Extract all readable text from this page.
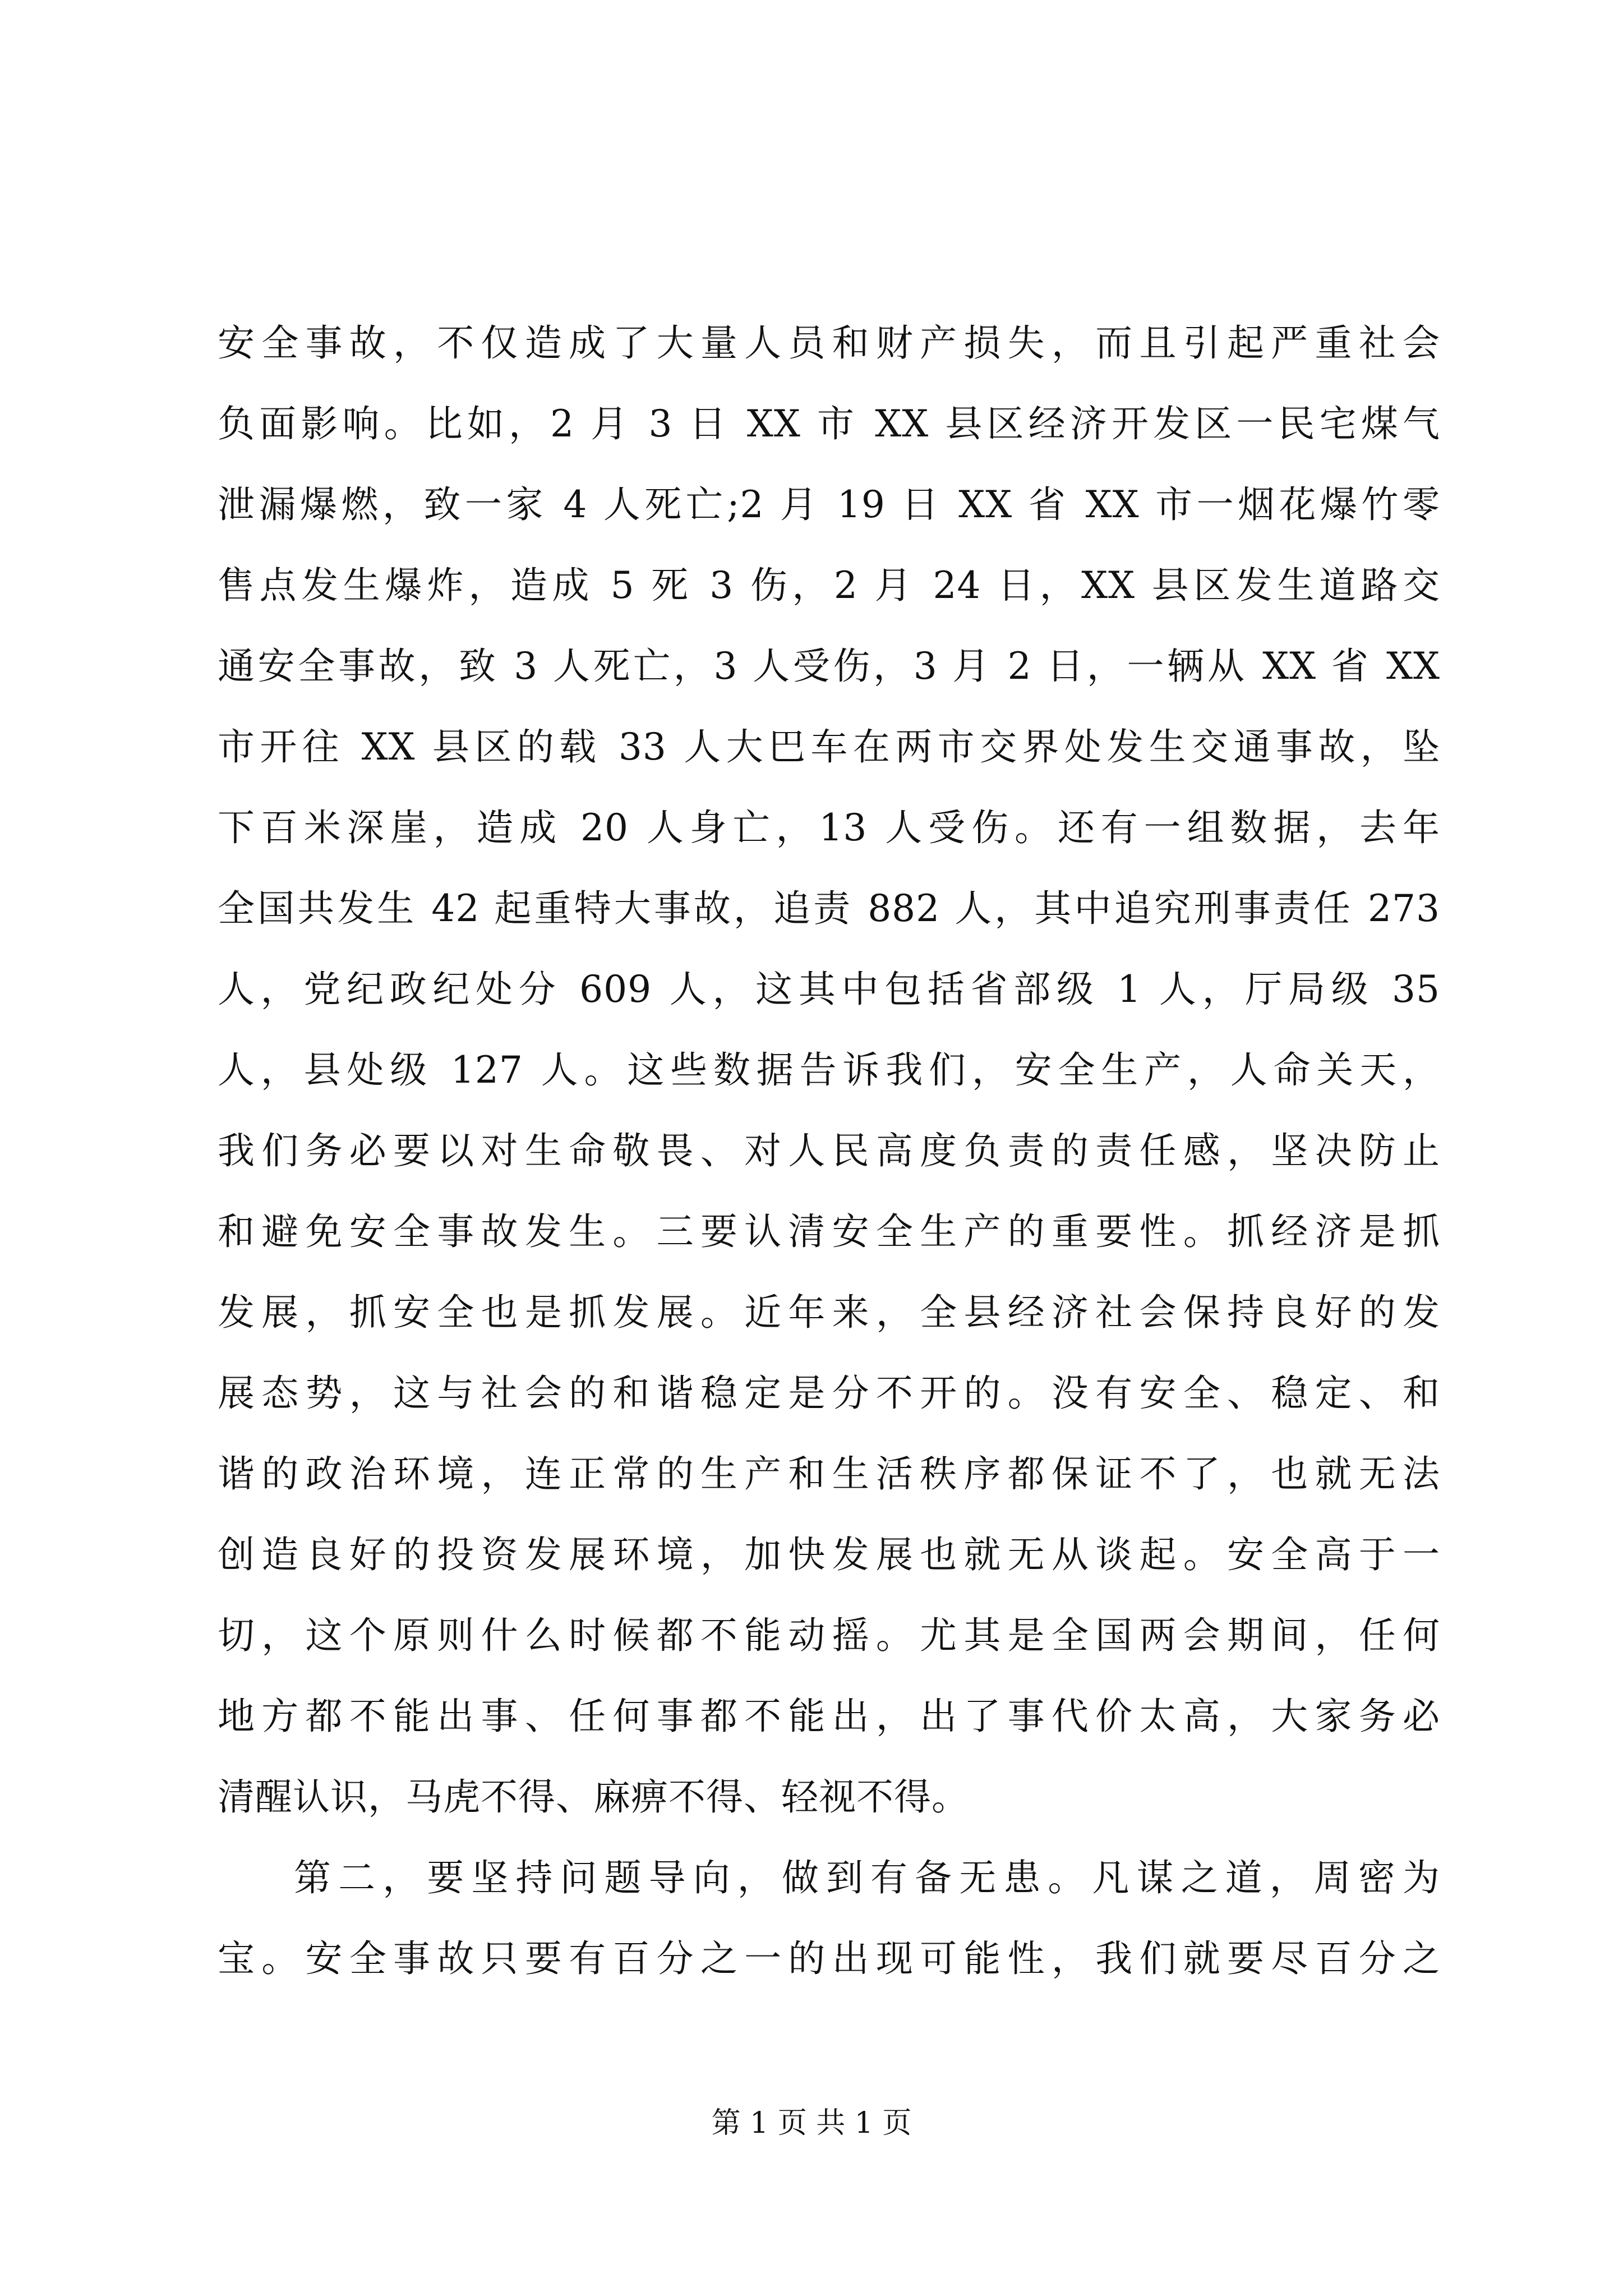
安全事故，不仅造成了大量人员和财产损失，而且引起严重社会
负面影响。比如，2 月 3 日 XX 市 XX 县区经济开发区一民宅煤气
泄漏爆燃，致一家 4 人死亡;2 月 19 日 XX 省 XX 市一烟花爆竹零
售点发生爆炸，造成 5 死 3 伤，2 月 24 日，XX 县区发生道路交
通安全事故，致 3 人死亡，3 人受伤，3 月 2 日，一辆从 XX 省 XX
市开往 XX 县区的载 33 人大巴车在两市交界处发生交通事故，坠
下百米深崖，造成 20 人身亡，13 人受伤。还有一组数据，去年
全国共发生 42 起重特大事故，追责 882 人，其中追究刑事责任 273
人，党纪政纪处分 609 人，这其中包括省部级 1 人，厅局级 35
人，县处级 127 人。这些数据告诉我们，安全生产，人命关天，
我们务必要以对生命敬畏、对人民高度负责的责任感，坚决防止
和避免安全事故发生。三要认清安全生产的重要性。抓经济是抓
发展，抓安全也是抓发展。近年来，全县经济社会保持良好的发
展态势，这与社会的和谐稳定是分不开的。没有安全、稳定、和
谐的政治环境，连正常的生产和生活秩序都保证不了，也就无法
创造良好的投资发展环境，加快发展也就无从谈起。安全高于一
切，这个原则什么时候都不能动摇。尤其是全国两会期间，任何
地方都不能出事、任何事都不能出，出了事代价太高，大家务必
清醒认识，马虎不得、麻痹不得、轻视不得。
第二，要坚持问题导向，做到有备无患。凡谋之道，周密为
宝。安全事故只要有百分之一的出现可能性，我们就要尽百分之
第 1 页 共 1 页
